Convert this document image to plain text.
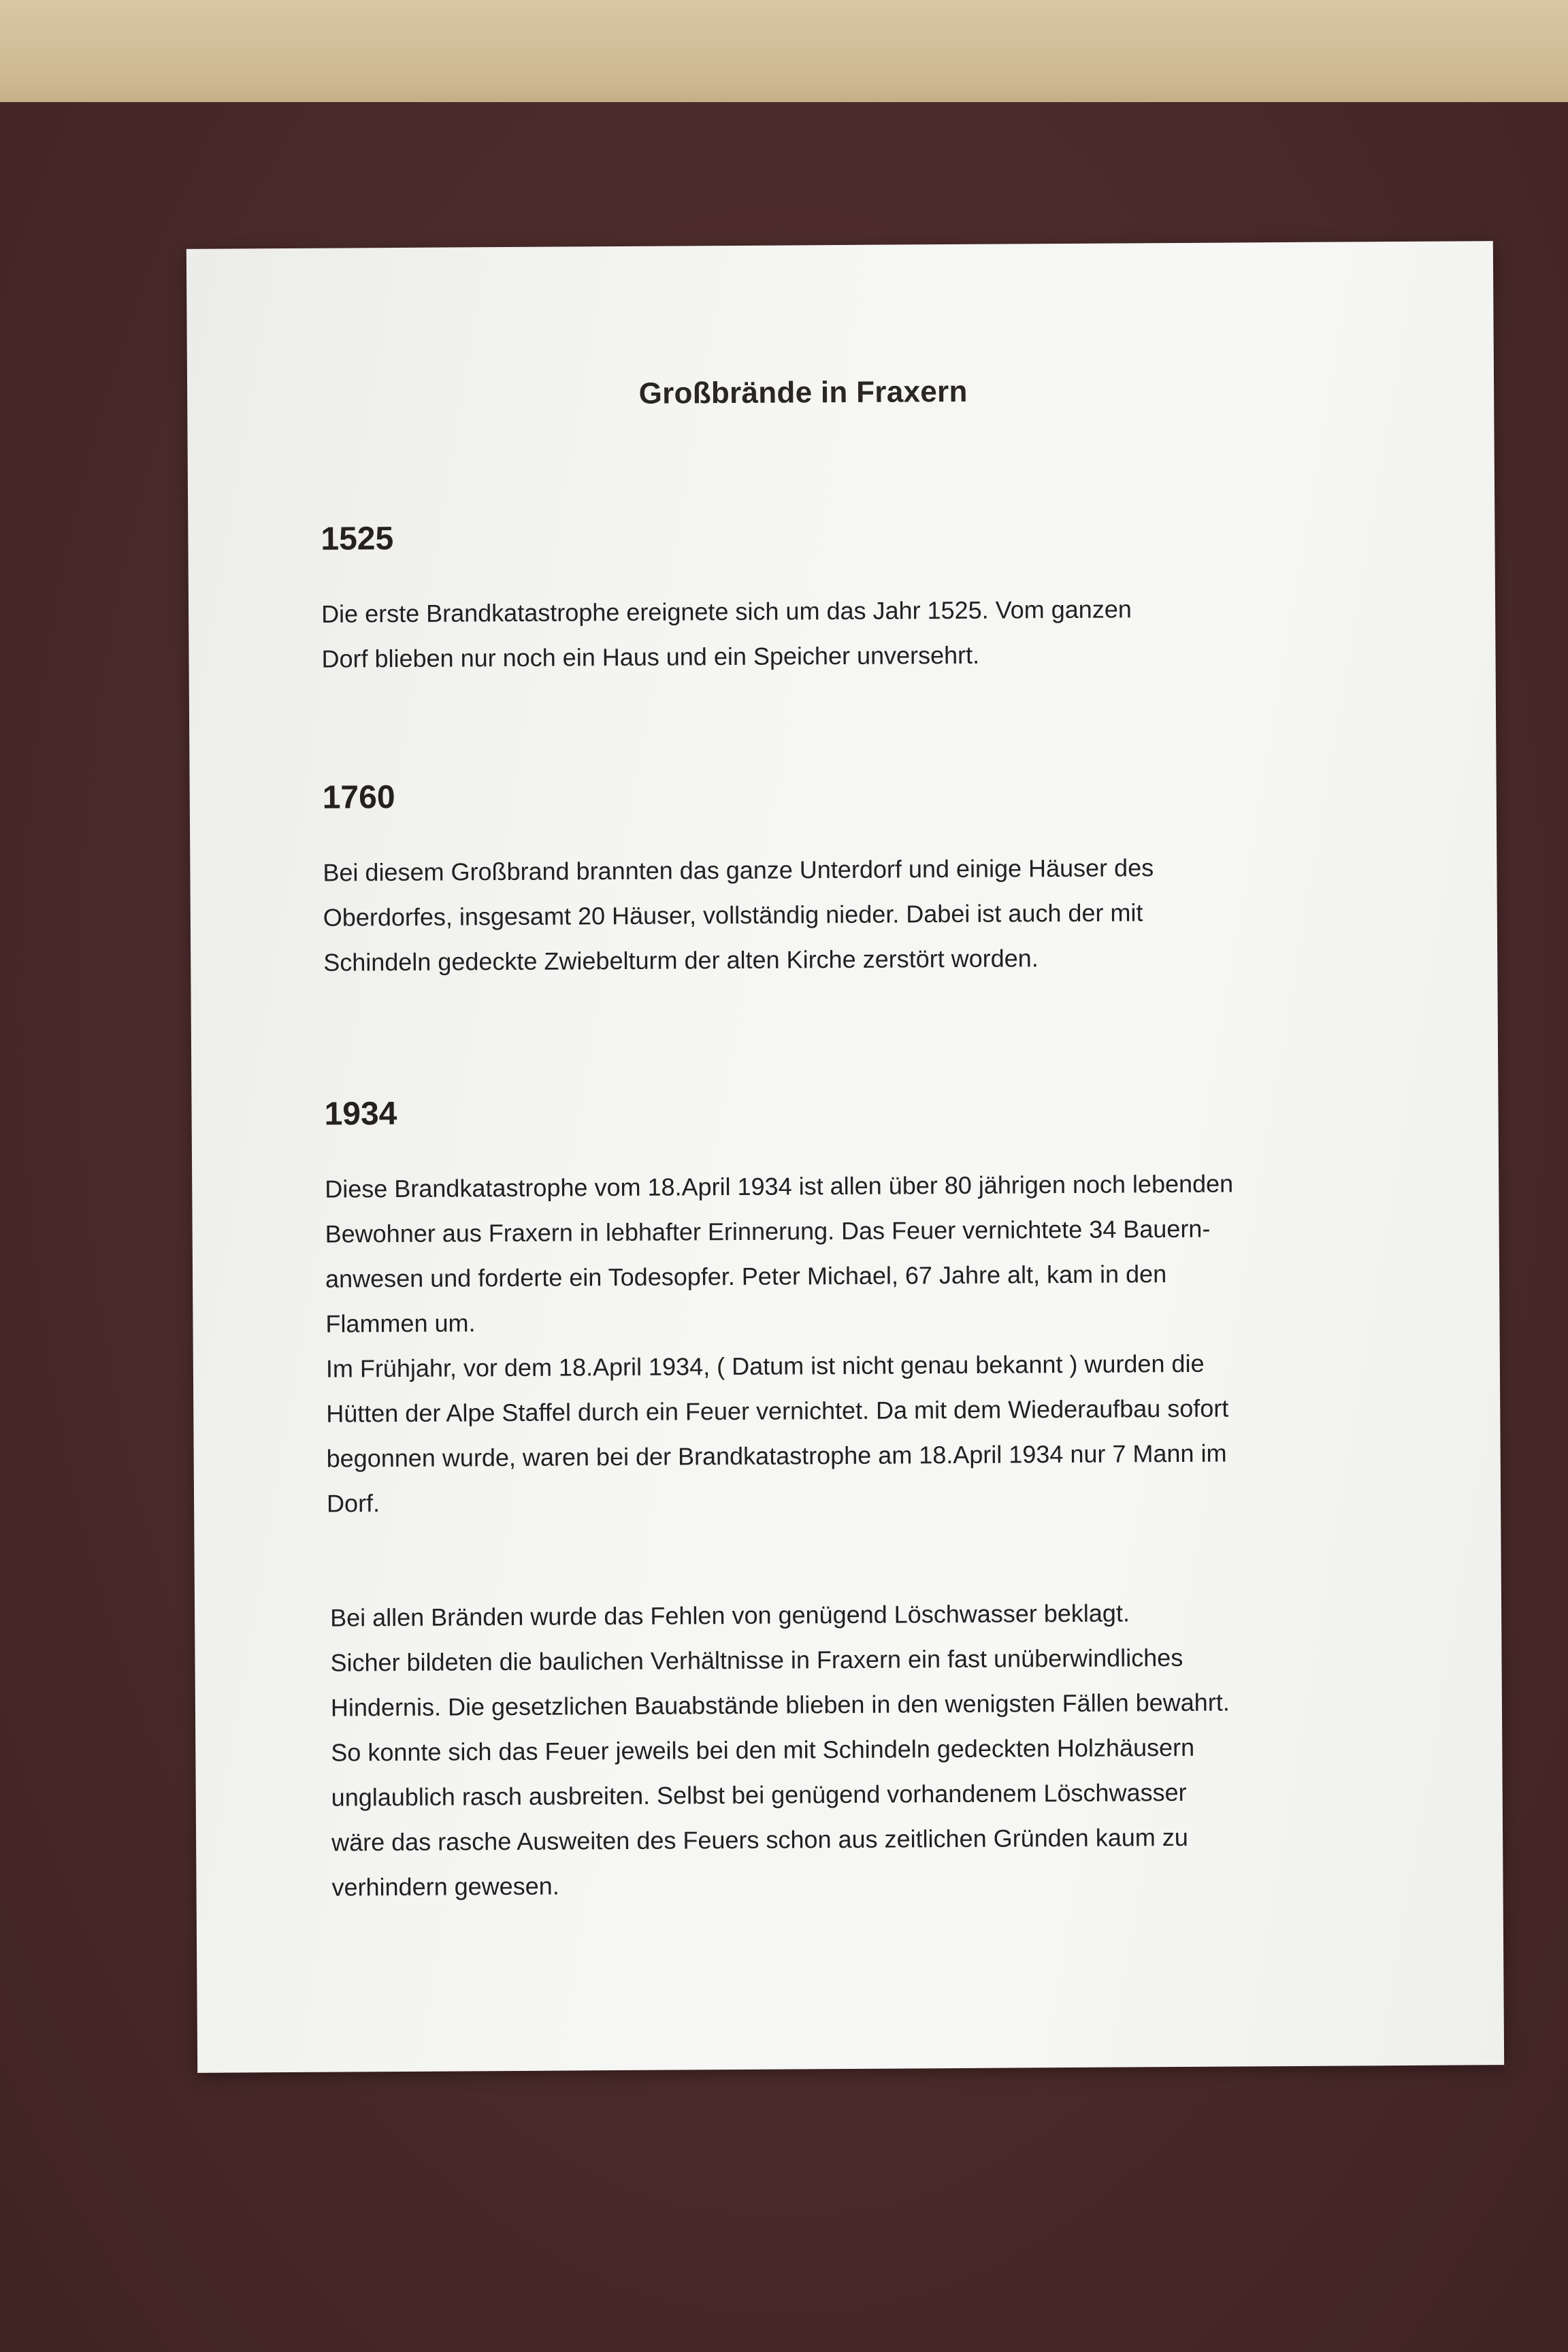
Großbrände in Fraxern
1525

Die erste Brandkatastrophe ereignete sich um das Jahr 1525. Vom ganzen
Dorf blieben nur noch ein Haus und ein Speicher unversehrt.

1760

Bei diesem Großbrand brannten das ganze Unterdorf und einige Häuser des
Oberdorfes, insgesamt 20 Häuser, vollständig nieder. Dabei ist auch der mit
Schindeln gedeckte Zwiebelturm der alten Kirche zerstört worden.

1934

Diese Brandkatastrophe vom 18.April 1934 ist allen über 80 jährigen noch lebenden
Bewohner aus Fraxern in lebhafter Erinnerung. Das Feuer vernichtete 34 Bauern-
anwesen und forderte ein Todesopfer. Peter Michael, 67 Jahre alt, kam in den
Flammen um.
Im Frühjahr, vor dem 18.April 1934, ( Datum ist nicht genau bekannt ) wurden die
Hütten der Alpe Staffel durch ein Feuer vernichtet. Da mit dem Wiederaufbau sofort
begonnen wurde, waren bei der Brandkatastrophe am 18.April 1934 nur 7 Mann im
Dorf.

Bei allen Bränden wurde das Fehlen von genügend Löschwasser beklagt.
Sicher bildeten die baulichen Verhältnisse in Fraxern ein fast unüberwindliches
Hindernis. Die gesetzlichen Bauabstände blieben in den wenigsten Fällen bewahrt.
So konnte sich das Feuer jeweils bei den mit Schindeln gedeckten Holzhäusern
unglaublich rasch ausbreiten. Selbst bei genügend vorhandenem Löschwasser
wäre das rasche Ausweiten des Feuers schon aus zeitlichen Gründen kaum zu
verhindern gewesen.
